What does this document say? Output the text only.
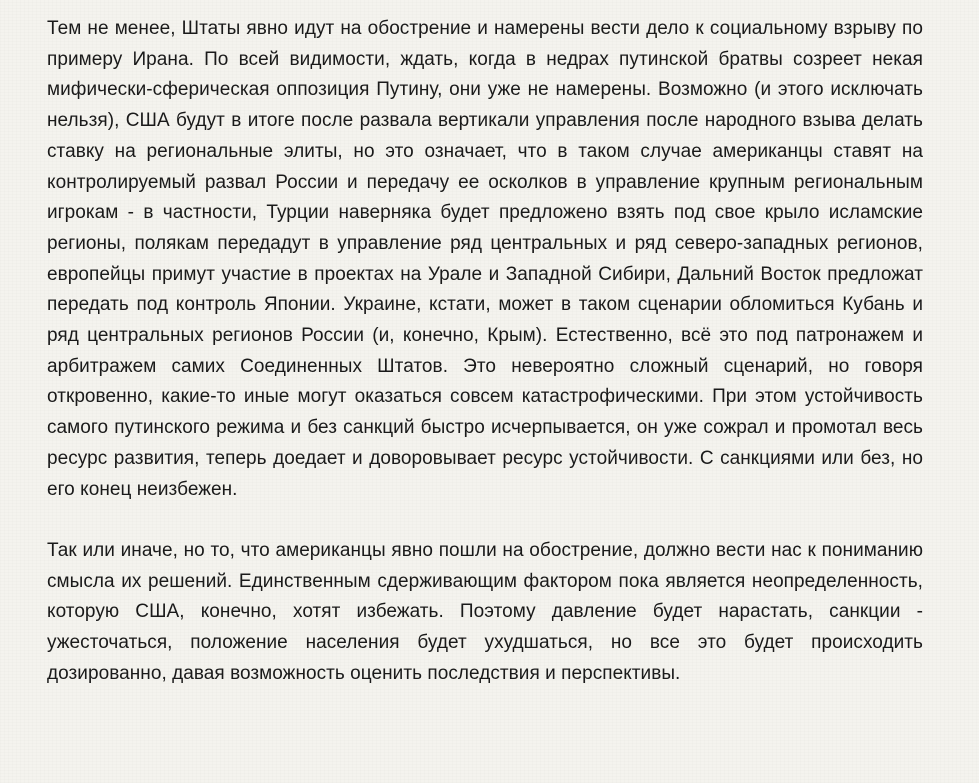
Тем не менее, Штаты явно идут на обострение и намерены вести дело к социальному взрыву по примеру Ирана. По всей видимости, ждать, когда в недрах путинской братвы созреет некая мифически-сферическая оппозиция Путину, они уже не намерены. Возможно (и этого исключать нельзя), США будут в итоге после развала вертикали управления после народного взыва делать ставку на региональные элиты, но это означает, что в таком случае американцы ставят на контролируемый развал России и передачу ее осколков в управление крупным региональным игрокам - в частности, Турции наверняка будет предложено взять под свое крыло исламские регионы, полякам передадут в управление ряд центральных и ряд северо-западных регионов, европейцы примут участие в проектах на Урале и Западной Сибири, Дальний Восток предложат передать под контроль Японии. Украине, кстати, может в таком сценарии обломиться Кубань и ряд центральных регионов России (и, конечно, Крым). Естественно, всё это под патронажем и арбитражем самих Соединенных Штатов. Это невероятно сложный сценарий, но говоря откровенно, какие-то иные могут оказаться совсем катастрофическими. При этом устойчивость самого путинского режима и без санкций быстро исчерпывается, он уже сожрал и промотал весь ресурс развития, теперь доедает и доворовывает ресурс устойчивости. С санкциями или без, но его конец неизбежен.

Так или иначе, но то, что американцы явно пошли на обострение, должно вести нас к пониманию смысла их решений. Единственным сдерживающим фактором пока является неопределенность, которую США, конечно, хотят избежать. Поэтому давление будет нарастать, санкции - ужесточаться, положение населения будет ухудшаться, но все это будет происходить дозированно, давая возможность оценить последствия и перспективы.
